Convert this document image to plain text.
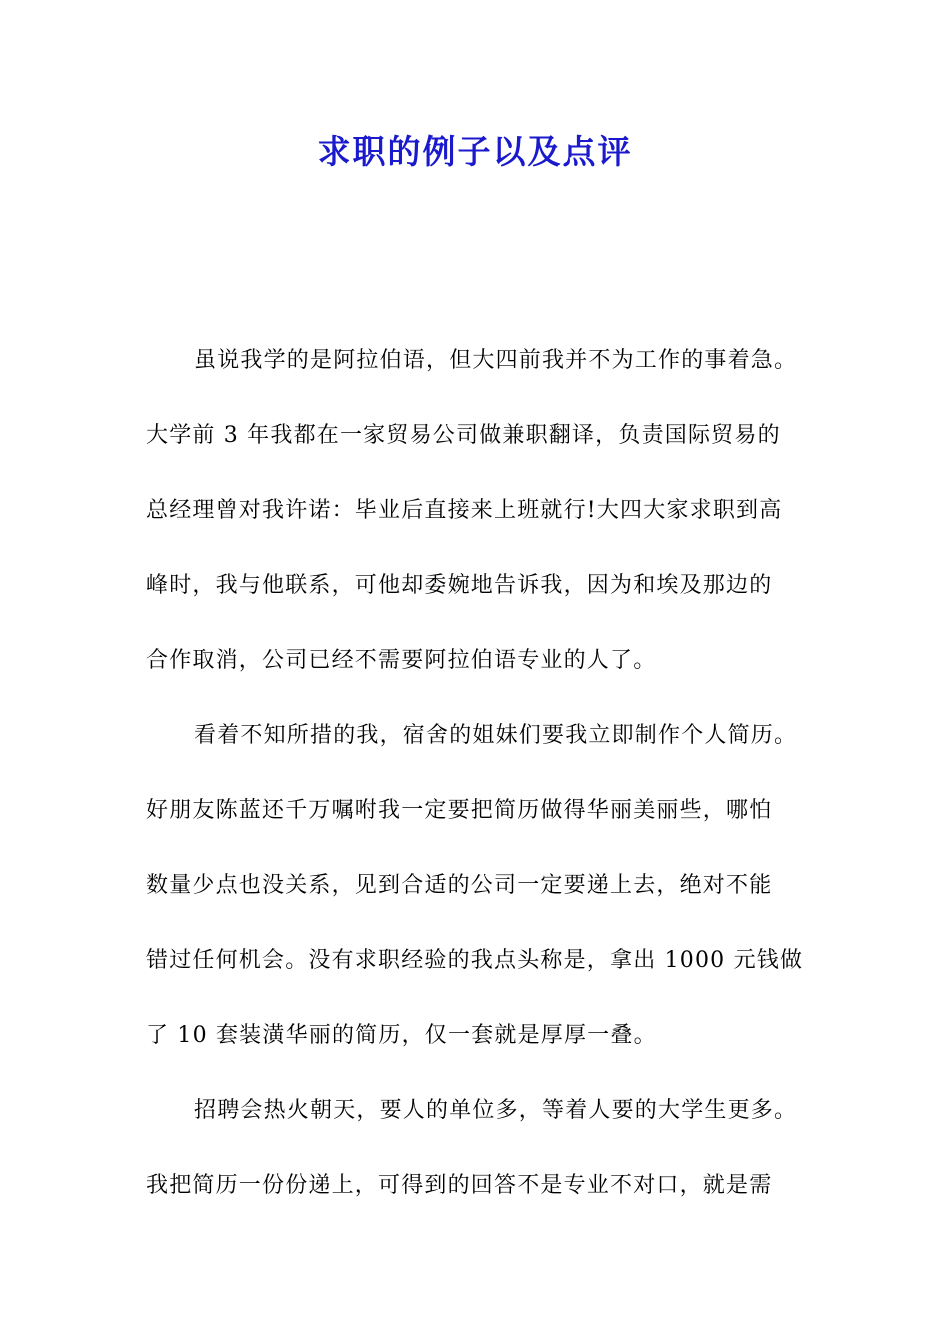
求职的例子以及点评
虽说我学的是阿拉伯语，但大四前我并不为工作的事着急。
大学前 3 年我都在一家贸易公司做兼职翻译，负责国际贸易的
总经理曾对我许诺：毕业后直接来上班就行!大四大家求职到高
峰时，我与他联系，可他却委婉地告诉我，因为和埃及那边的
合作取消，公司已经不需要阿拉伯语专业的人了。
看着不知所措的我，宿舍的姐妹们要我立即制作个人简历。
好朋友陈蓝还千万嘱咐我一定要把简历做得华丽美丽些，哪怕
数量少点也没关系，见到合适的公司一定要递上去，绝对不能
错过任何机会。没有求职经验的我点头称是，拿出 1000 元钱做
了 10 套装潢华丽的简历，仅一套就是厚厚一叠。
招聘会热火朝天，要人的单位多，等着人要的大学生更多。
我把简历一份份递上，可得到的回答不是专业不对口，就是需
